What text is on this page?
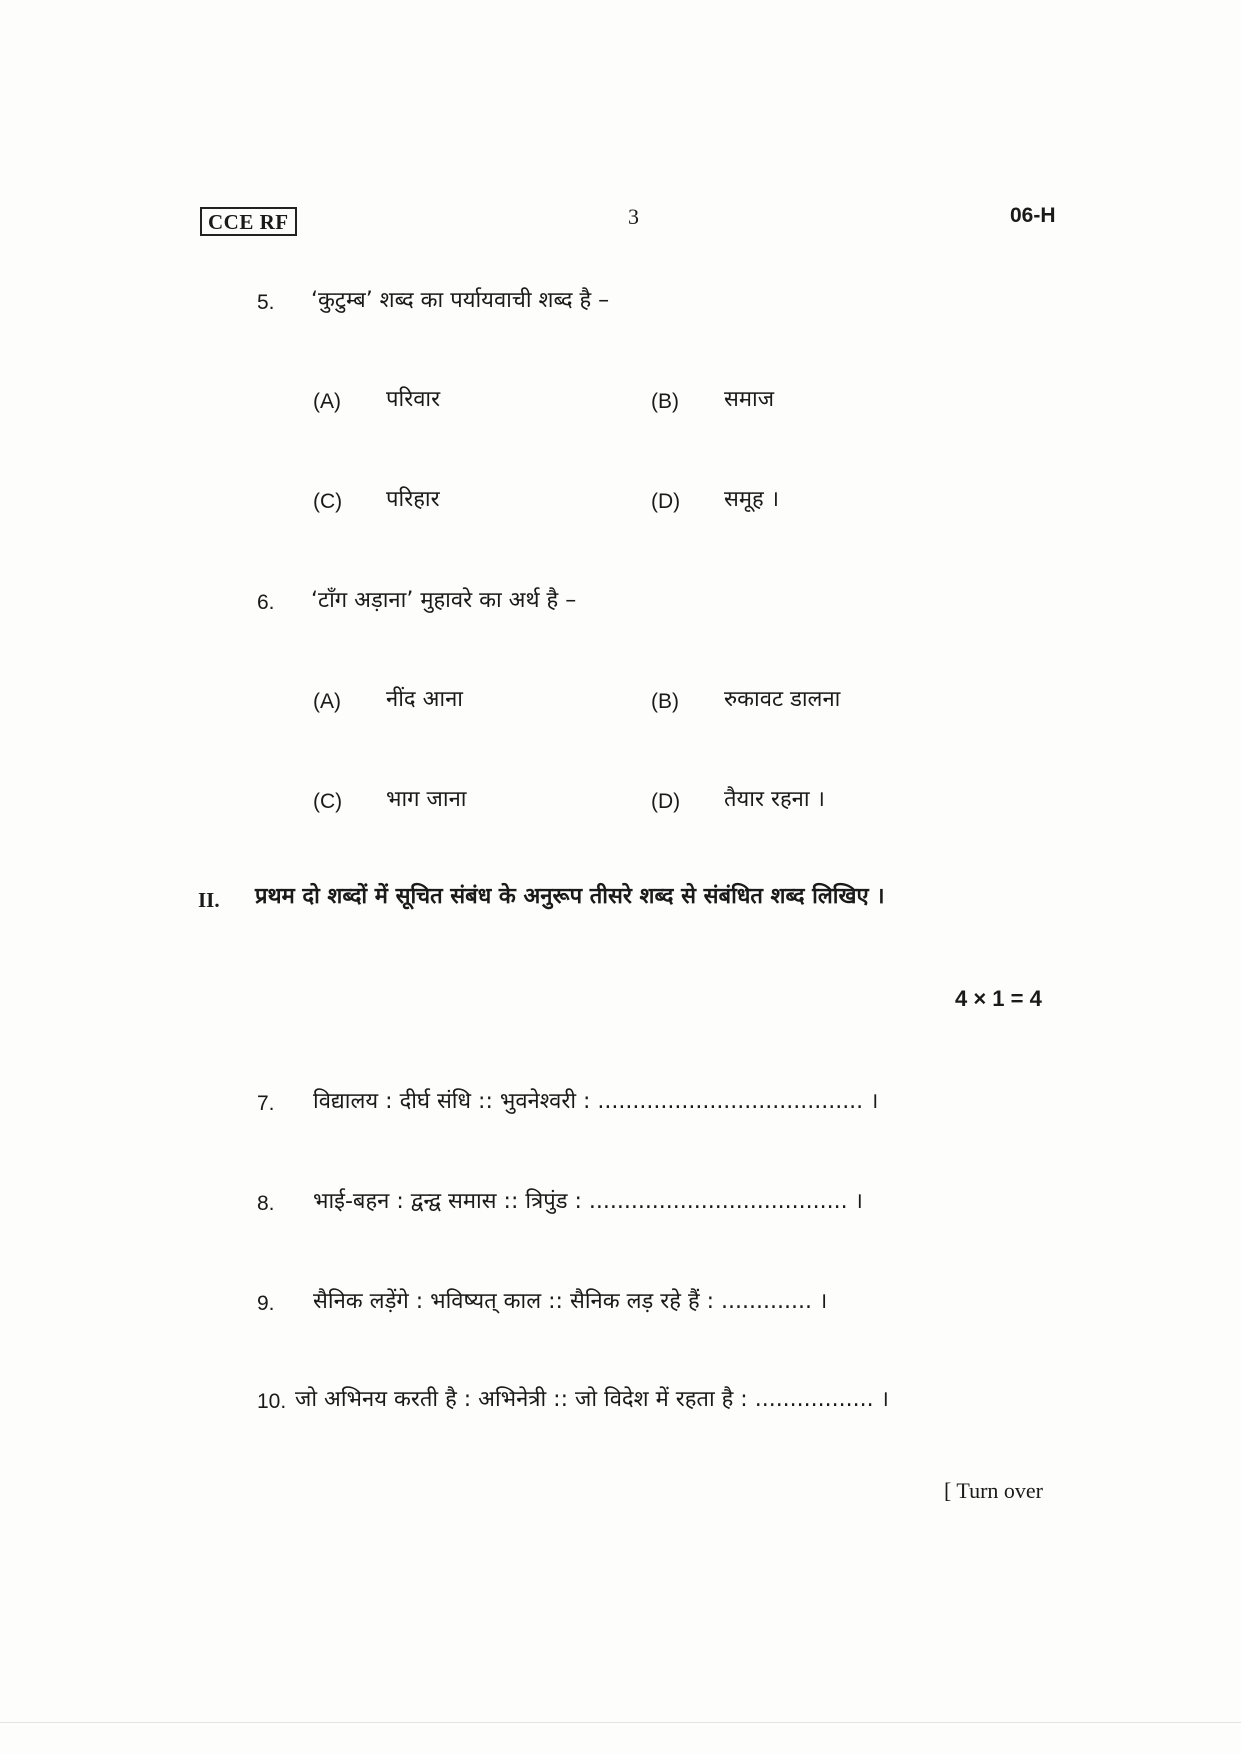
CCE RF	3	06-H
5. ‘कुटुम्ब’ शब्द का पर्यायवाची शब्द है –
(A) परिवार	(B) समाज
(C) परिहार	(D) समूह ।
6. ‘टाँग अड़ाना’ मुहावरे का अर्थ है –
(A) नींद आना	(B) रुकावट डालना
(C) भाग जाना	(D) तैयार रहना ।
II. प्रथम दो शब्दों में सूचित संबंध के अनुरूप तीसरे शब्द से संबंधित शब्द लिखिए ।
4 × 1 = 4
7. विद्यालय : दीर्घ संधि :: भुवनेश्वरी : ...................................... ।
8. भाई-बहन : द्वन्द्व समास :: त्रिपुंड : ..................................... ।
9. सैनिक लड़ेंगे : भविष्यत् काल :: सैनिक लड़ रहे हैं : ............. ।
10. जो अभिनय करती है : अभिनेत्री :: जो विदेश में रहता है : ................. ।
[ Turn over
